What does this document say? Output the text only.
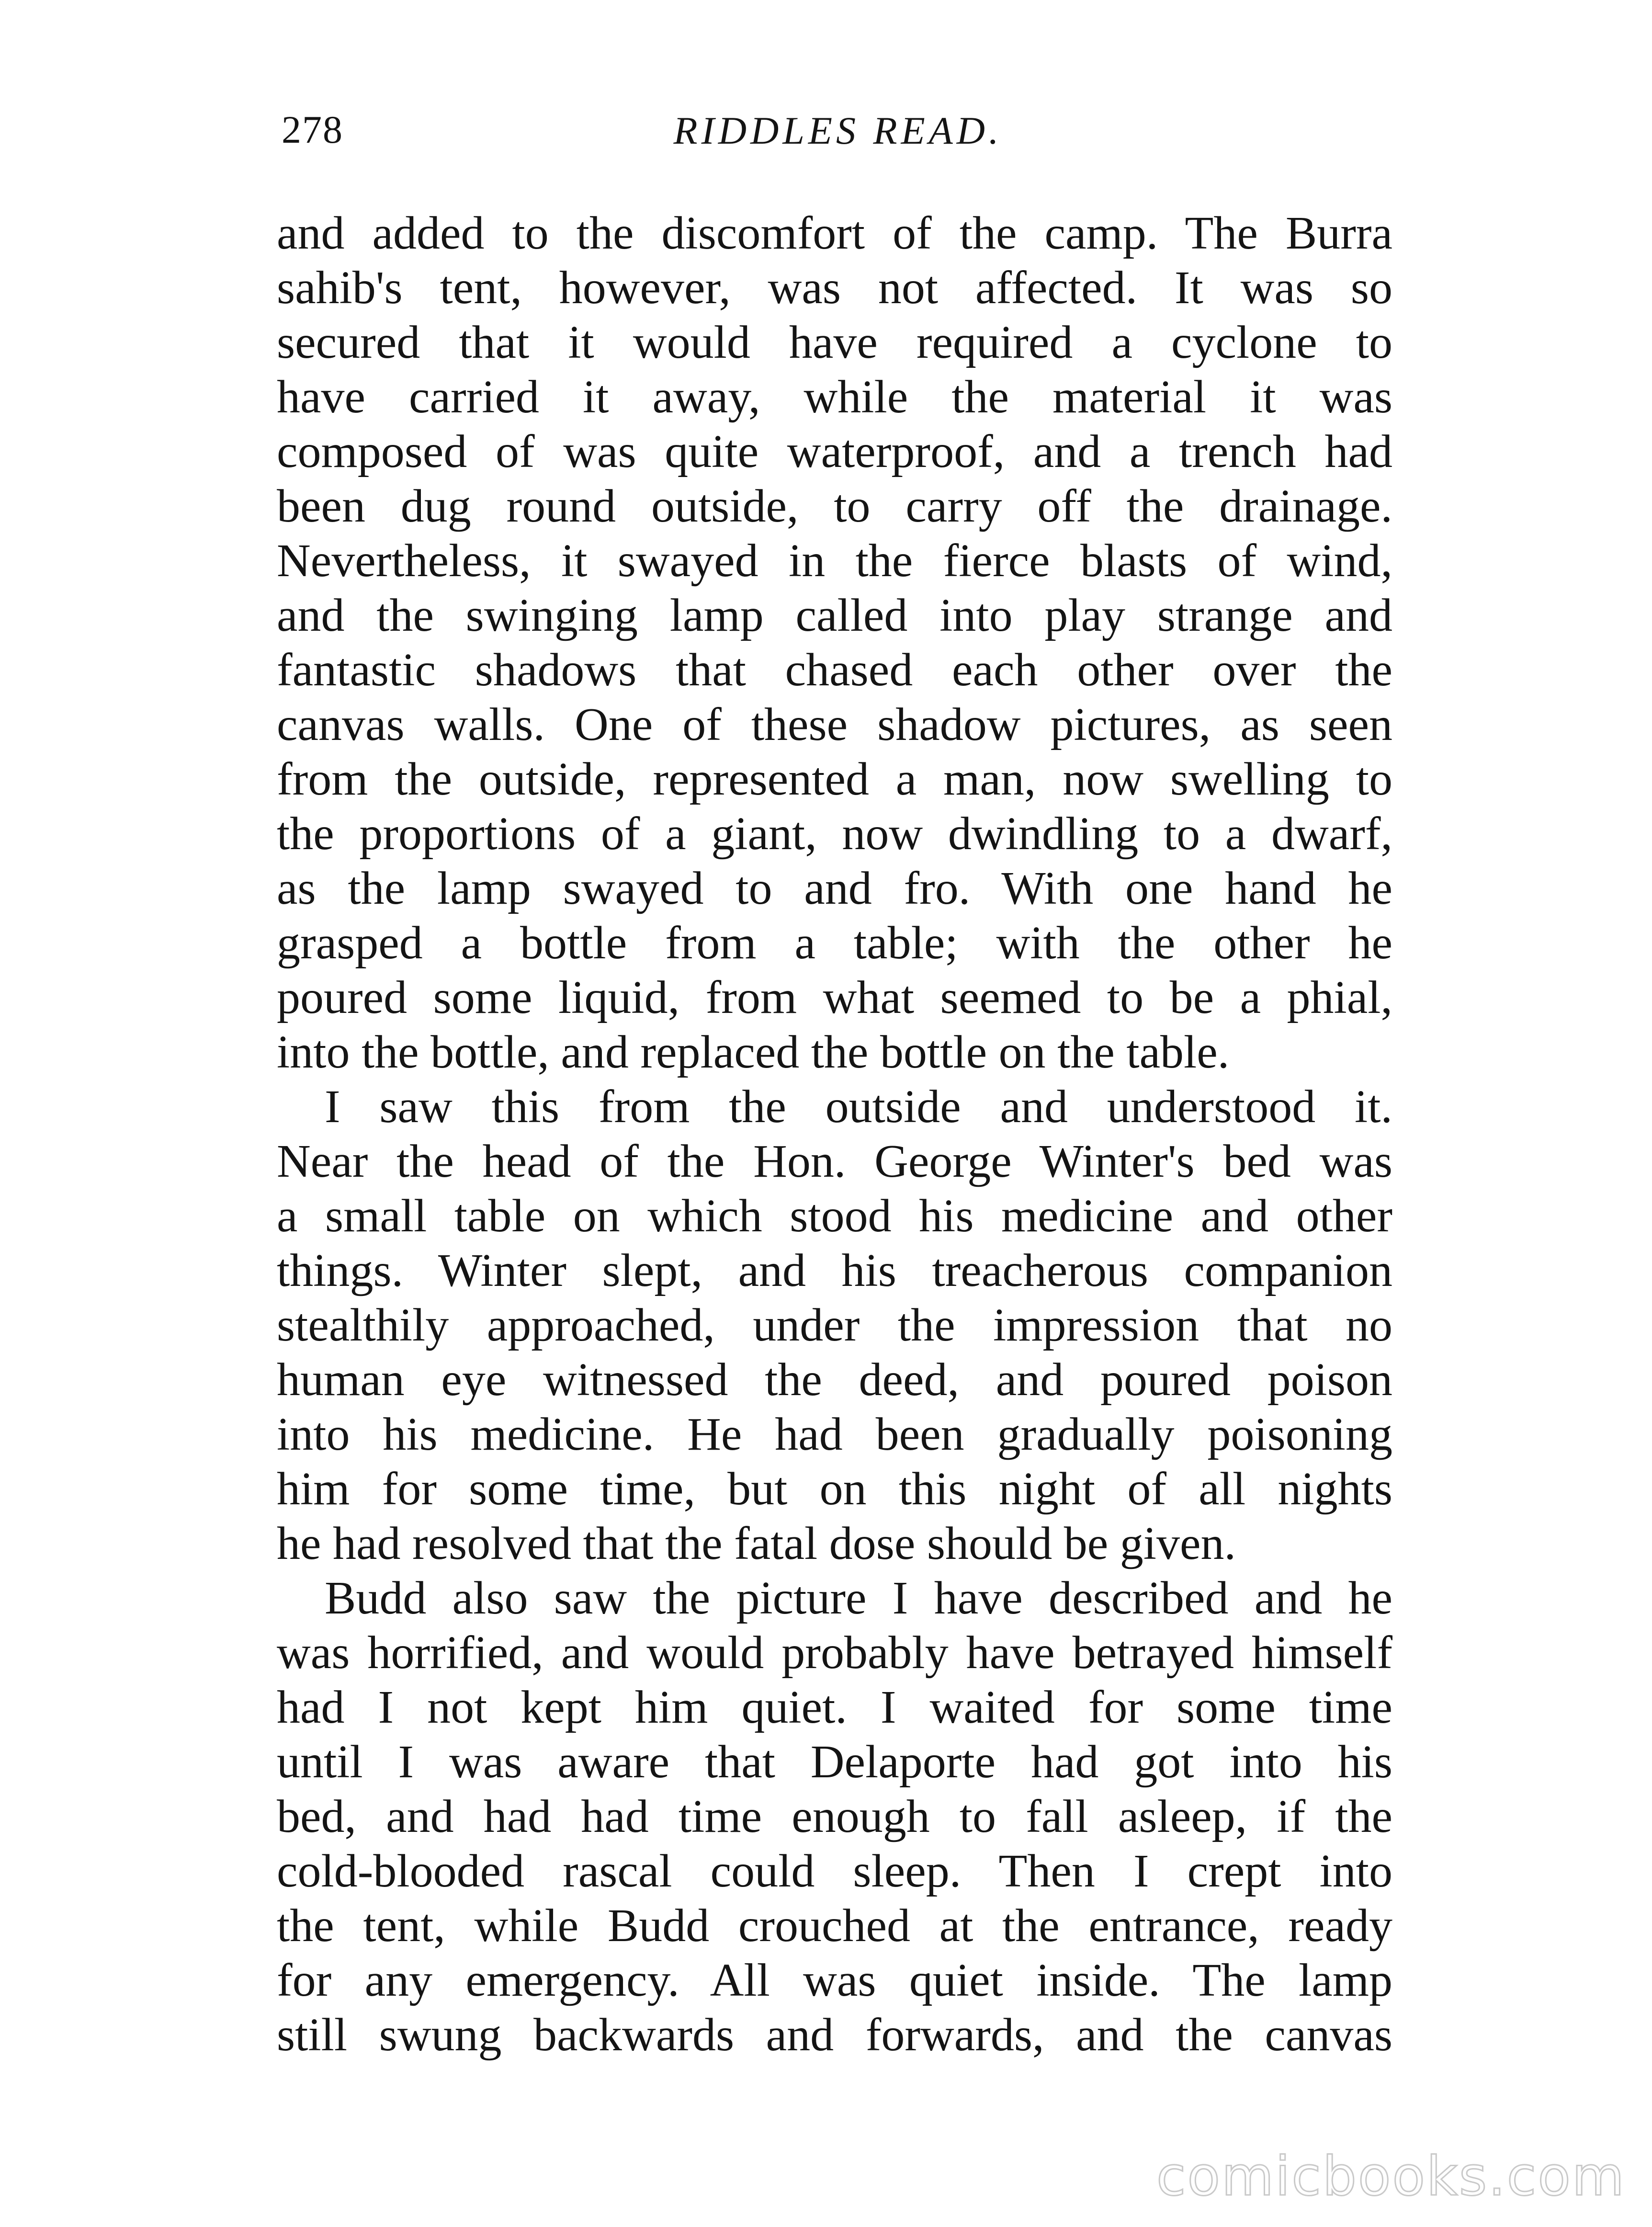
278	RIDDLES READ.
and added to the discomfort of the camp. The Burra
sahib's tent, however, was not affected. It was so
secured that it would have required a cyclone to
have carried it away, while the material it was
composed of was quite waterproof, and a trench had
been dug round outside, to carry off the drainage.
Nevertheless, it swayed in the fierce blasts of wind,
and the swinging lamp called into play strange and
fantastic shadows that chased each other over the
canvas walls. One of these shadow pictures, as seen
from the outside, represented a man, now swelling to
the proportions of a giant, now dwindling to a dwarf,
as the lamp swayed to and fro. With one hand he
grasped a bottle from a table; with the other he
poured some liquid, from what seemed to be a phial,
into the bottle, and replaced the bottle on the table.
I saw this from the outside and understood it.
Near the head of the Hon. George Winter's bed was
a small table on which stood his medicine and other
things. Winter slept, and his treacherous companion
stealthily approached, under the impression that no
human eye witnessed the deed, and poured poison
into his medicine. He had been gradually poisoning
him for some time, but on this night of all nights
he had resolved that the fatal dose should be given.
Budd also saw the picture I have described and he
was horrified, and would probably have betrayed himself
had I not kept him quiet. I waited for some time
until I was aware that Delaporte had got into his
bed, and had had time enough to fall asleep, if the
cold-blooded rascal could sleep. Then I crept into
the tent, while Budd crouched at the entrance, ready
for any emergency. All was quiet inside. The lamp
still swung backwards and forwards, and the canvas
comicbooks.com
